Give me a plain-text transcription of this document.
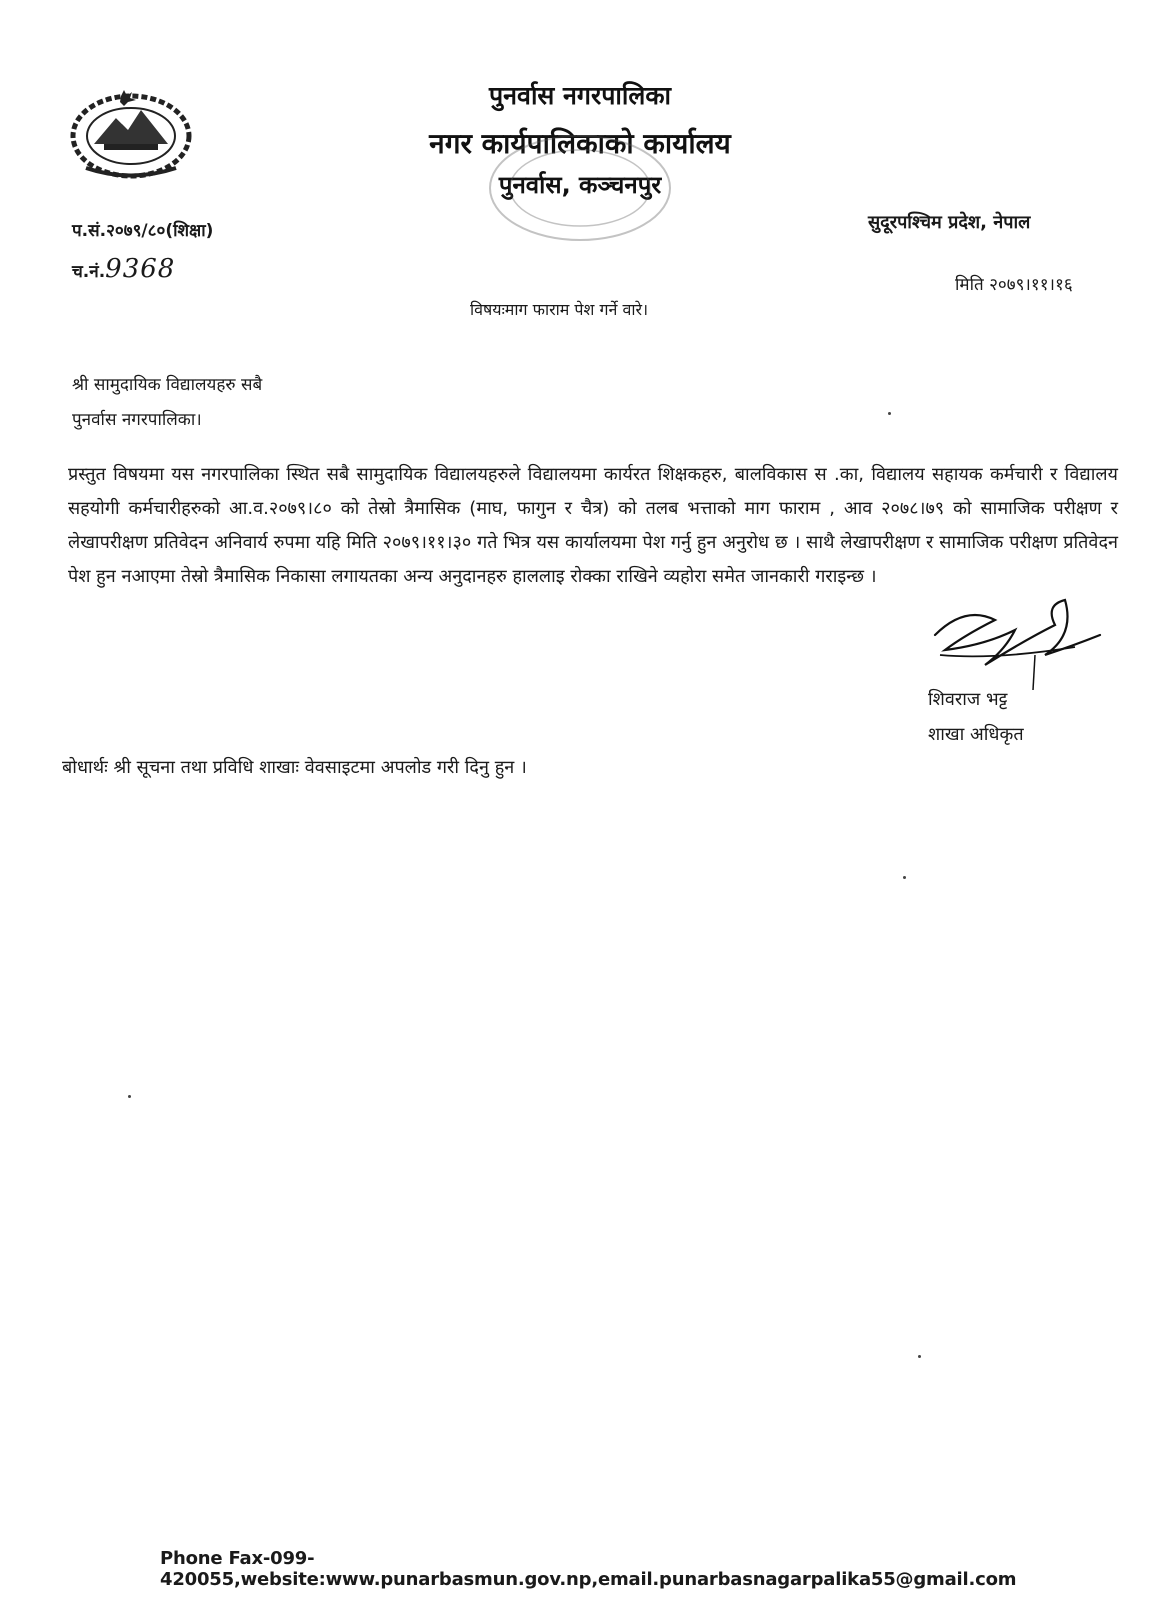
पुनर्वास नगरपालिका
नगर कार्यपालिकाको कार्यालय
पुनर्वास, कञ्चनपुर
प.सं.२०७९/८०(शिक्षा)
च.नं.9368
सुदूरपश्चिम प्रदेश, नेपाल
मिति २०७९।११।१६
विषयःमाग फाराम पेश गर्ने वारे।
श्री सामुदायिक विद्यालयहरु सबै
पुनर्वास नगरपालिका।
प्रस्तुत विषयमा यस नगरपालिका स्थित सबै सामुदायिक विद्यालयहरुले विद्यालयमा कार्यरत शिक्षकहरु, बालविकास स .का, विद्यालय सहायक कर्मचारी र विद्यालय सहयोगी कर्मचारीहरुको आ.व.२०७९।८० को तेस्रो त्रैमासिक (माघ, फागुन र चैत्र) को तलब भत्ताको माग फाराम , आव २०७८।७९ को सामाजिक परीक्षण र लेखापरीक्षण प्रतिवेदन अनिवार्य रुपमा यहि मिति २०७९।११।३० गते भित्र यस कार्यालयमा पेश गर्नु हुन अनुरोध छ । साथै लेखापरीक्षण र सामाजिक परीक्षण प्रतिवेदन पेश हुन नआएमा तेस्रो त्रैमासिक निकासा लगायतका अन्य अनुदानहरु हाललाइ रोक्का राखिने व्यहोरा समेत जानकारी गराइन्छ ।
शिवराज भट्ट
शाखा अधिकृत
बोधार्थः श्री सूचना तथा प्रविधि शाखाः वेवसाइटमा अपलोड गरी दिनु हुन ।
Phone Fax-099-420055,website:www.punarbasmun.gov.np,email.punarbasnagarpalika55@gmail.com
